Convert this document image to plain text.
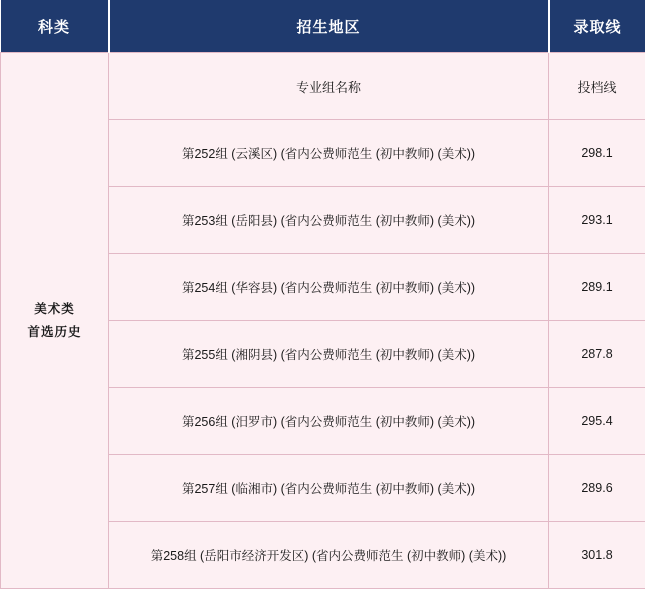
科类	招生地区	录取线

美术类
首选历史	专业组名称	投档线
	第252组 (云溪区) (省内公费师范生 (初中教师) (美术))	298.1
	第253组 (岳阳县) (省内公费师范生 (初中教师) (美术))	293.1
	第254组 (华容县) (省内公费师范生 (初中教师) (美术))	289.1
	第255组 (湘阴县) (省内公费师范生 (初中教师) (美术))	287.8
	第256组 (汨罗市) (省内公费师范生 (初中教师) (美术))	295.4
	第257组 (临湘市) (省内公费师范生 (初中教师) (美术))	289.6
	第258组 (岳阳市经济开发区) (省内公费师范生 (初中教师) (美术))	301.8
